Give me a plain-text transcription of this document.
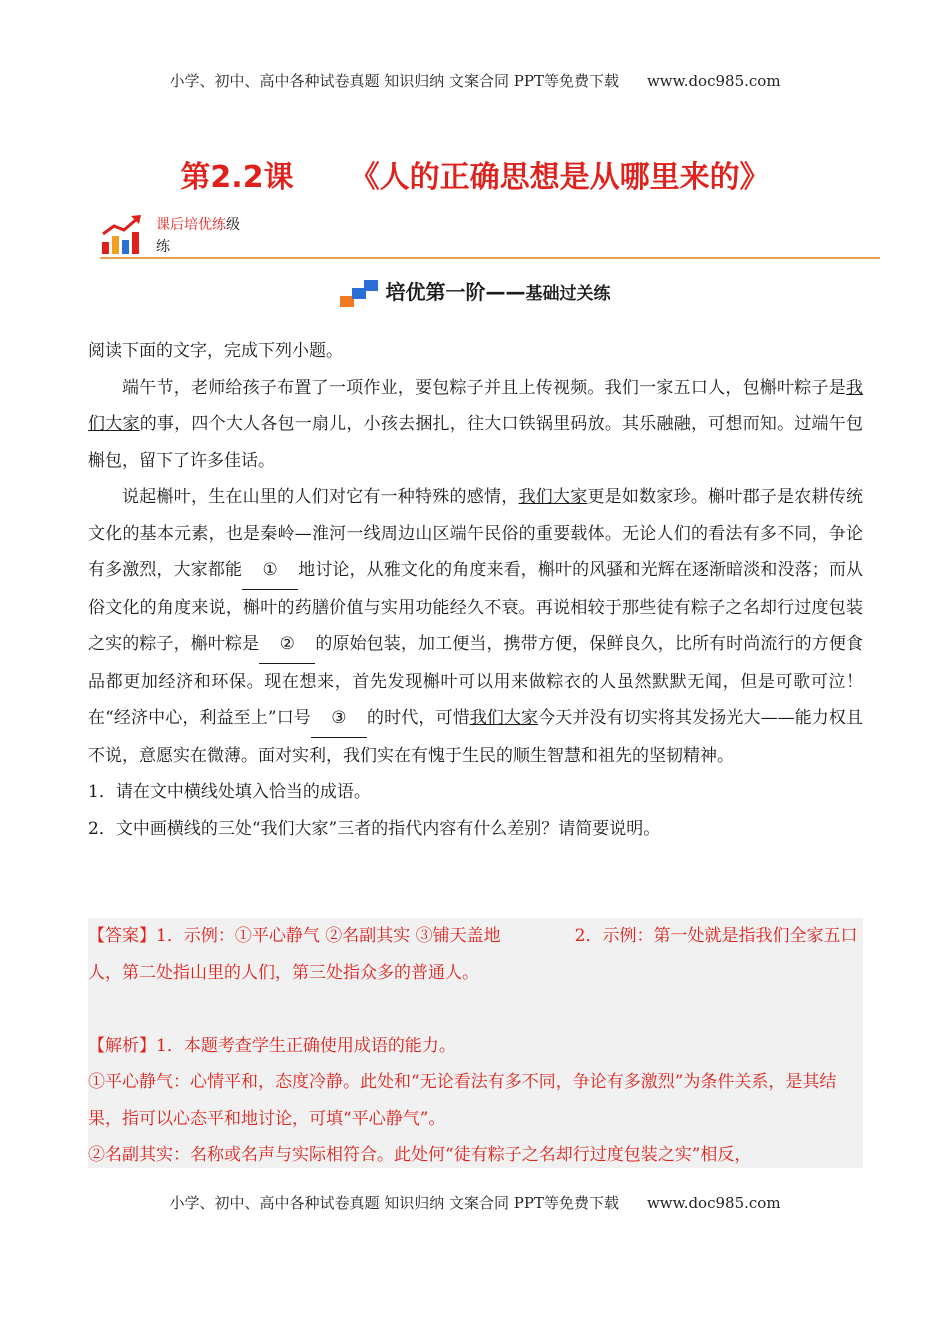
小学、初中、高中各种试卷真题 知识归纳 文案合同 PPT等免费下载 www.doc985.com
第2.2课 《人的正确思想是从哪里来的》
课后培优练级
练
培优第一阶——基础过关练

阅读下面的文字，完成下列小题。

端午节，老师给孩子布置了一项作业，要包粽子并且上传视频。我们一家五口人，包槲叶粽子是我们大家的事，四个大人各包一扇儿，小孩去捆扎，往大口铁锅里码放。其乐融融，可想而知。过端午包槲包，留下了许多佳话。

说起槲叶，生在山里的人们对它有一种特殊的感情，我们大家更是如数家珍。槲叶郡子是农耕传统文化的基本元素，也是秦岭—淮河一线周边山区端午民俗的重要载体。无论人们的看法有多不同，争论有多激烈，大家都能 ① 地讨论，从雅文化的角度来看，槲叶的风骚和光辉在逐渐暗淡和没落；而从俗文化的角度来说，槲叶的药膳价值与实用功能经久不衰。再说相较于那些徒有粽子之名却行过度包装之实的粽子，槲叶粽是 ② 的原始包装，加工便当，携带方便，保鲜良久，比所有时尚流行的方便食品都更加经济和环保。现在想来，首先发现槲叶可以用来做粽衣的人虽然默默无闻，但是可歌可泣！在“经济中心，利益至上”口号 ③ 的时代，可惜我们大家今天并没有切实将其发扬光大——能力权且不说，意愿实在微薄。面对实利，我们实在有愧于生民的顺生智慧和祖先的坚韧精神。

1．请在文中横线处填入恰当的成语。

2．文中画横线的三处“我们大家”三者的指代内容有什么差别？请简要说明。

【答案】1．示例：①平心静气 ②名副其实 ③铺天盖地	2．示例：第一处就是指我们全家五口人，第二处指山里的人们，第三处指众多的普通人。

【解析】1．本题考查学生正确使用成语的能力。

①平心静气：心情平和，态度冷静。此处和“无论看法有多不同，争论有多激烈”为条件关系，是其结果，指可以心态平和地讨论，可填“平心静气”。

②名副其实：名称或名声与实际相符合。此处何“徒有粽子之名却行过度包装之实”相反，

小学、初中、高中各种试卷真题 知识归纳 文案合同 PPT等免费下载 www.doc985.com
